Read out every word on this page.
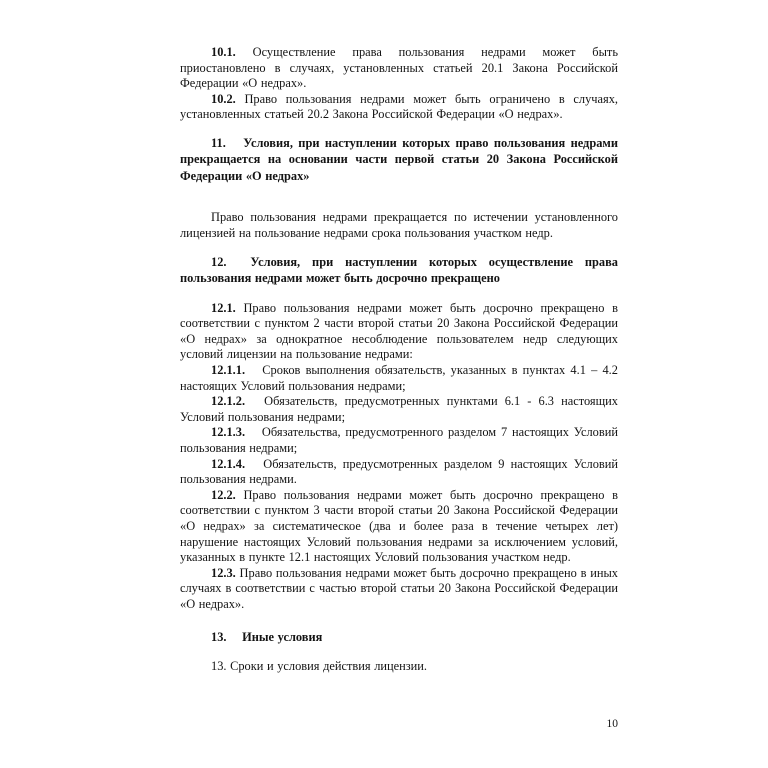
10.1. Осуществление права пользования недрами может быть приостановлено в случаях, установленных статьей 20.1 Закона Российской Федерации «О недрах».

10.2. Право пользования недрами может быть ограничено в случаях, установленных статьей 20.2 Закона Российской Федерации «О недрах».

11. Условия, при наступлении которых право пользования недрами прекращается на основании части первой статьи 20 Закона Российской Федерации «О недрах»

Право пользования недрами прекращается по истечении установленного лицензией на пользование недрами срока пользования участком недр.

12. Условия, при наступлении которых осуществление права пользования недрами может быть досрочно прекращено

12.1. Право пользования недрами может быть досрочно прекращено в соответствии с пунктом 2 части второй статьи 20 Закона Российской Федерации «О недрах» за однократное несоблюдение пользователем недр следующих условий лицензии на пользование недрами:

12.1.1. Сроков выполнения обязательств, указанных в пунктах 4.1 – 4.2 настоящих Условий пользования недрами;

12.1.2. Обязательств, предусмотренных пунктами 6.1 - 6.3 настоящих Условий пользования недрами;

12.1.3. Обязательства, предусмотренного разделом 7 настоящих Условий пользования недрами;

12.1.4. Обязательств, предусмотренных разделом 9 настоящих Условий пользования недрами.

12.2. Право пользования недрами может быть досрочно прекращено в соответствии с пунктом 3 части второй статьи 20 Закона Российской Федерации «О недрах» за систематическое (два и более раза в течение четырех лет) нарушение настоящих Условий пользования недрами за исключением условий, указанных в пункте 12.1 настоящих Условий пользования участком недр.

12.3. Право пользования недрами может быть досрочно прекращено в иных случаях в соответствии с частью второй статьи 20 Закона Российской Федерации «О недрах».

13. Иные условия

13. Сроки и условия действия лицензии.

10
